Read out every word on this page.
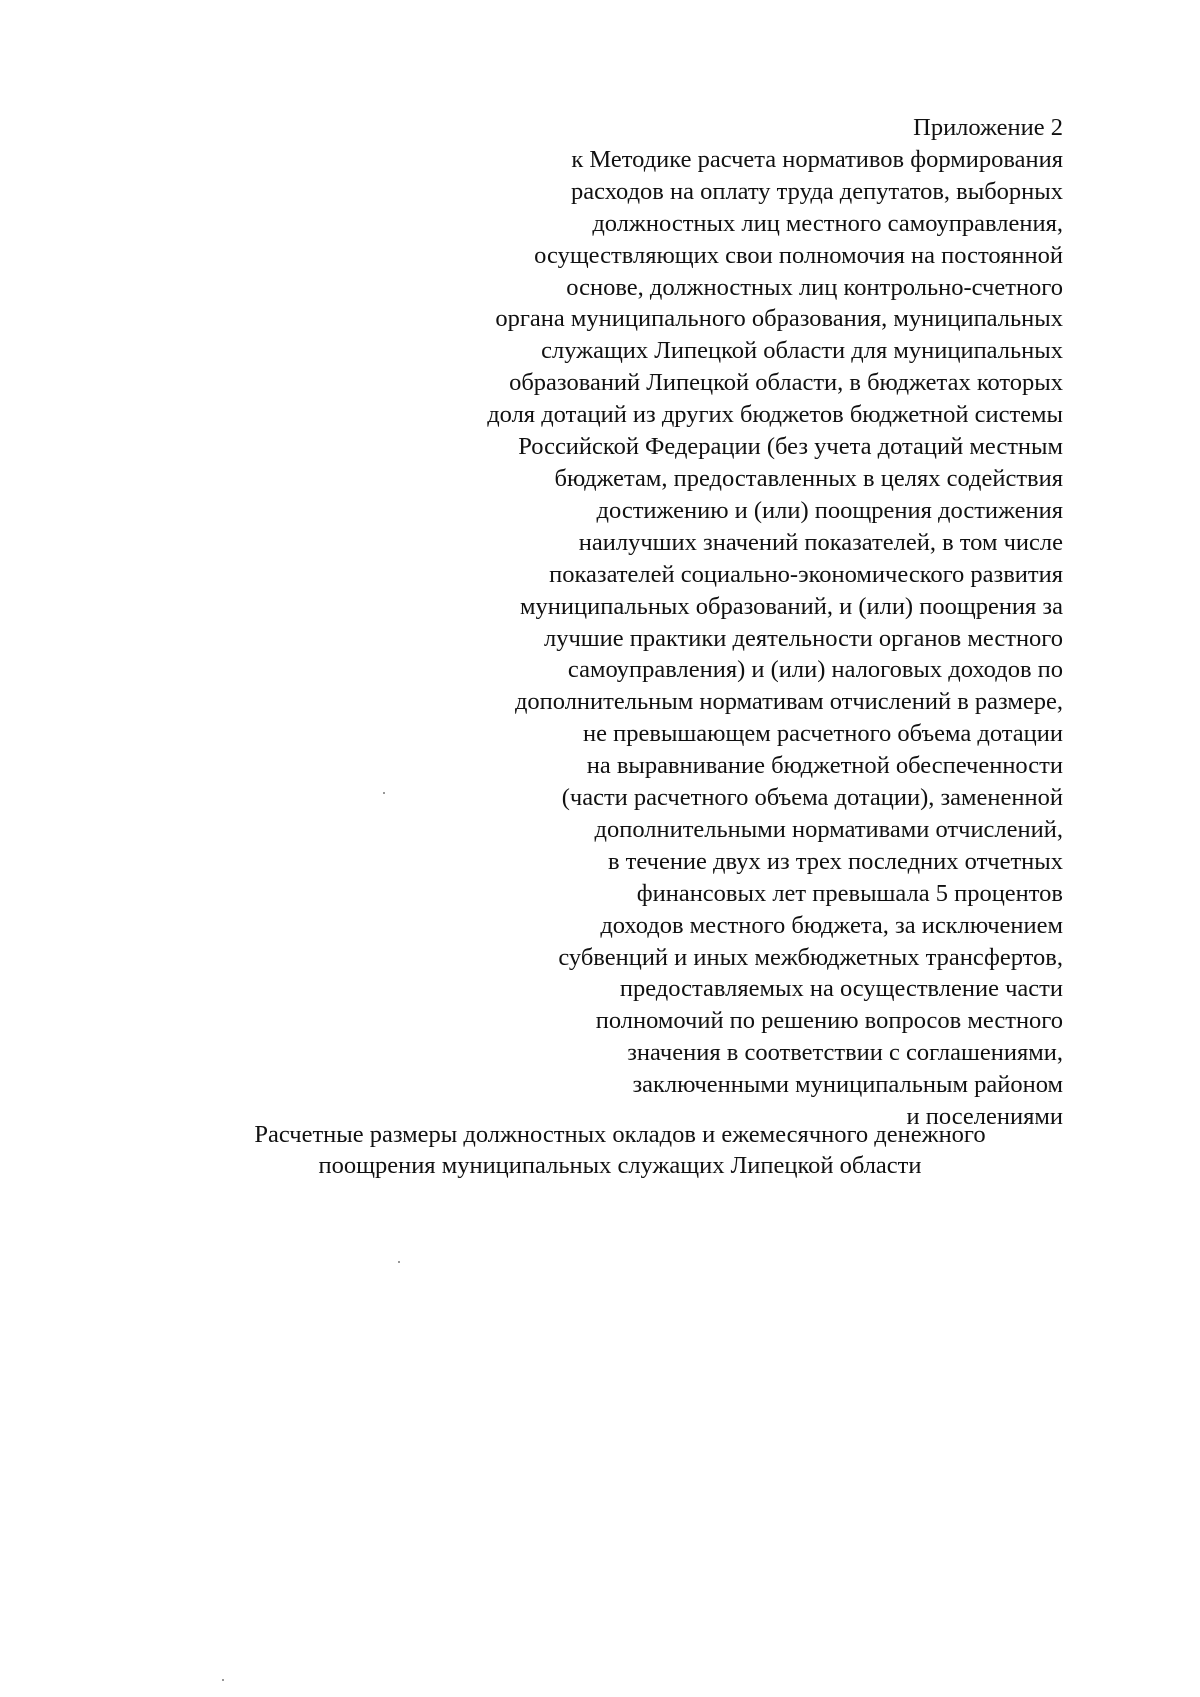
Приложение 2
к Методике расчета нормативов формирования
расходов на оплату труда депутатов, выборных
должностных лиц местного самоуправления,
осуществляющих свои полномочия на постоянной
основе, должностных лиц контрольно-счетного
органа муниципального образования, муниципальных
служащих Липецкой области для муниципальных
образований Липецкой области, в бюджетах которых
доля дотаций из других бюджетов бюджетной системы
Российской Федерации (без учета дотаций местным
бюджетам, предоставленных в целях содействия
достижению и (или) поощрения достижения
наилучших значений показателей, в том числе
показателей социально-экономического развития
муниципальных образований, и (или) поощрения за
лучшие практики деятельности органов местного
самоуправления) и (или) налоговых доходов по
дополнительным нормативам отчислений в размере,
не превышающем расчетного объема дотации
на выравнивание бюджетной обеспеченности
(части расчетного объема дотации), замененной
дополнительными нормативами отчислений,
в течение двух из трех последних отчетных
финансовых лет превышала 5 процентов
доходов местного бюджета, за исключением
субвенций и иных межбюджетных трансфертов,
предоставляемых на осуществление части
полномочий по решению вопросов местного
значения в соответствии с соглашениями,
заключенными муниципальным районом
и поселениями
Расчетные размеры должностных окладов и ежемесячного денежного
поощрения муниципальных служащих Липецкой области
